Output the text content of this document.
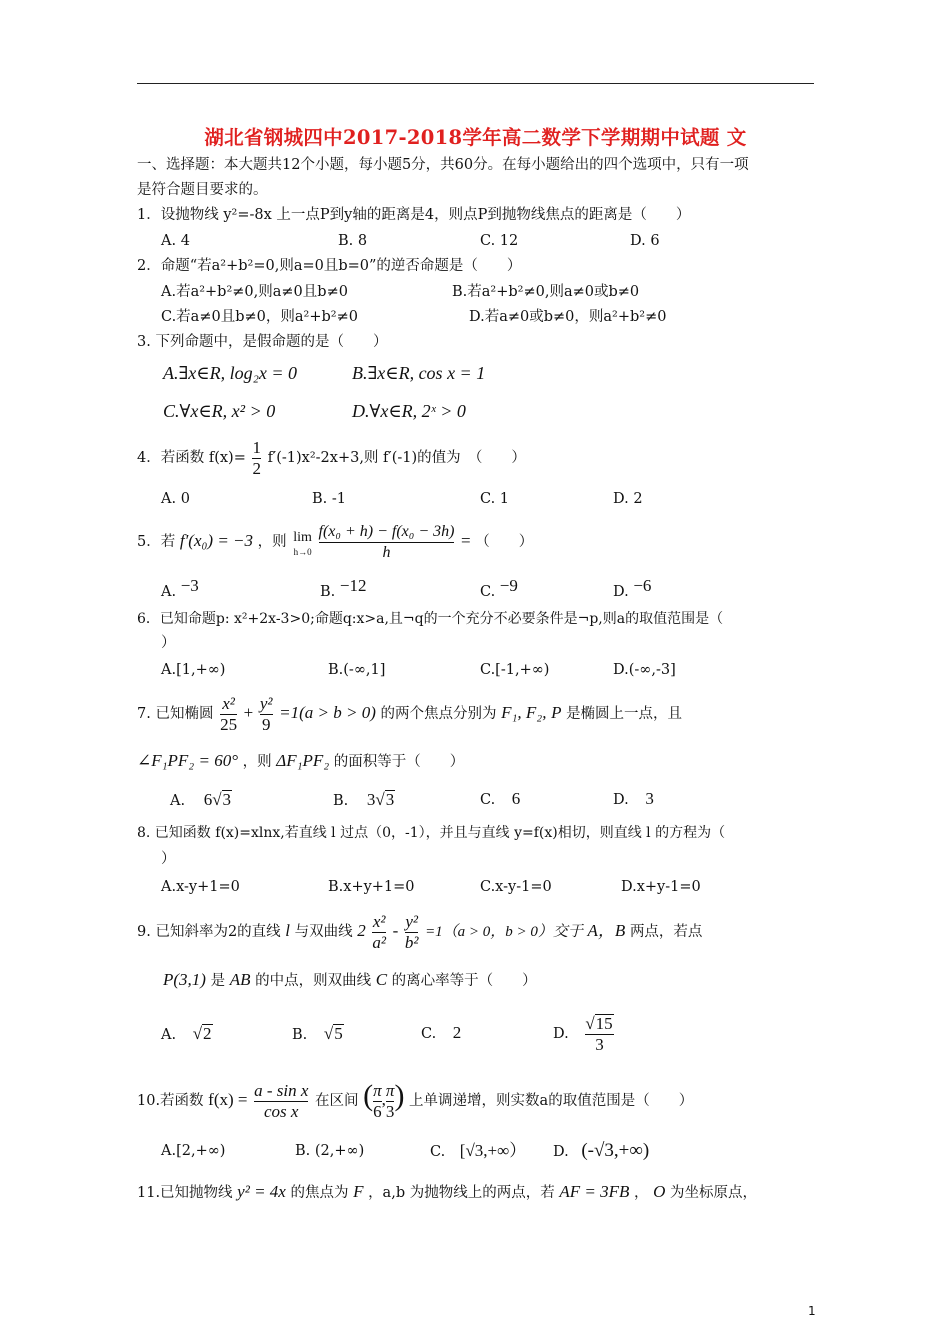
湖北省钢城四中2017-2018学年高二数学下学期期中试题 文
一、选择题：本大题共12个小题，每小题5分，共60分。在每小题给出的四个选项中，只有一项
是符合题目要求的。
1．设抛物线 y²=-8x 上一点P到y轴的距离是4，则点P到抛物线焦点的距离是（　　）
A. 4	B. 8	C. 12	D. 6
2．命题“若a²+b²=0,则a=0且b=0”的逆否命题是（　　）
A.若a²+b²≠0,则a≠0且b≠0	B.若a²+b²≠0,则a≠0或b≠0
C.若a≠0且b≠0，则a²+b²≠0	D.若a≠0或b≠0，则a²+b²≠0
3. 下列命题中，是假命题的是（　　）
A.∃x∈R, log₂x = 0	B.∃x∈R, cos x = 1
C.∀x∈R, x² > 0	D.∀x∈R, 2ˣ > 0
4．若函数 $f(x)= \frac{1}{2} f'(-1)x^2-2x+3$,则 f′(-1)的值为　（　　）
A. 0	B. -1	C. 1	D. 2
5．若 f′(x₀) = −3 ，则 lim
h→0
$\frac{\text{f(x₀ + h) − f(x₀ − 3h)}}{h}$ = （　　）
A. −3	B. −12	C. −9	D. −6
6．已知命题p: x²+2x-3>0;命题q:x>a,且¬q的一个充分不必要条件是¬p,则a的取值范围是（
）
A.[1,+∞)	B.(-∞,1]	C.[-1,+∞)	D.(-∞,-3]
7. 已知椭圆 $\frac{\text{x²}}{25} + \frac{\text{y²}}{9} =1(a > b > 0)$ 的两个焦点分别为 F₁, F₂, P 是椭圆上一点，且
∠F₁PF₂ = 60° ，则 ΔF₁PF₂ 的面积等于（　　）
A. 6√3	B. 3√3	C. 6	D. 3
8. 已知函数 f(x)=xlnx,若直线 l 过点（0，-1），并且与直线 y=f(x)相切，则直线 l 的方程为（
）
A.x-y+1=0	B.x+y+1=0	C.x-y-1=0	D.x+y-1=0
9. 已知斜率为2的直线 l 与双曲线 $2 \frac{\text{x²}}{\text{a²}} - \frac{\text{y²}}{\text{b²}} =1(a > 0$，b > 0）交于 A，B 两点，若点
P(3,1) 是 AB 的中点，则双曲线 C 的离心率等于（　　）
A. √2	B. √5	C. 2	D. $\frac{√15}{3}$
10.若函数 $f(x) = \frac{\text{a - sin x}}{\text{cos x}}$ 在区间 ( $\frac{\pi}{6}$ , $\frac{\pi}{3}$ ) 上单调递增，则实数a的取值范围是（　　）
A.[2,+∞)	B. (2,+∞)	C. [√3,+∞） D. (-√3,+∞)
11.已知抛物线 y² = 4x 的焦点为 F ，a,b 为抛物线上的两点，若 AF = 3FB ， O 为坐标原点，
1
